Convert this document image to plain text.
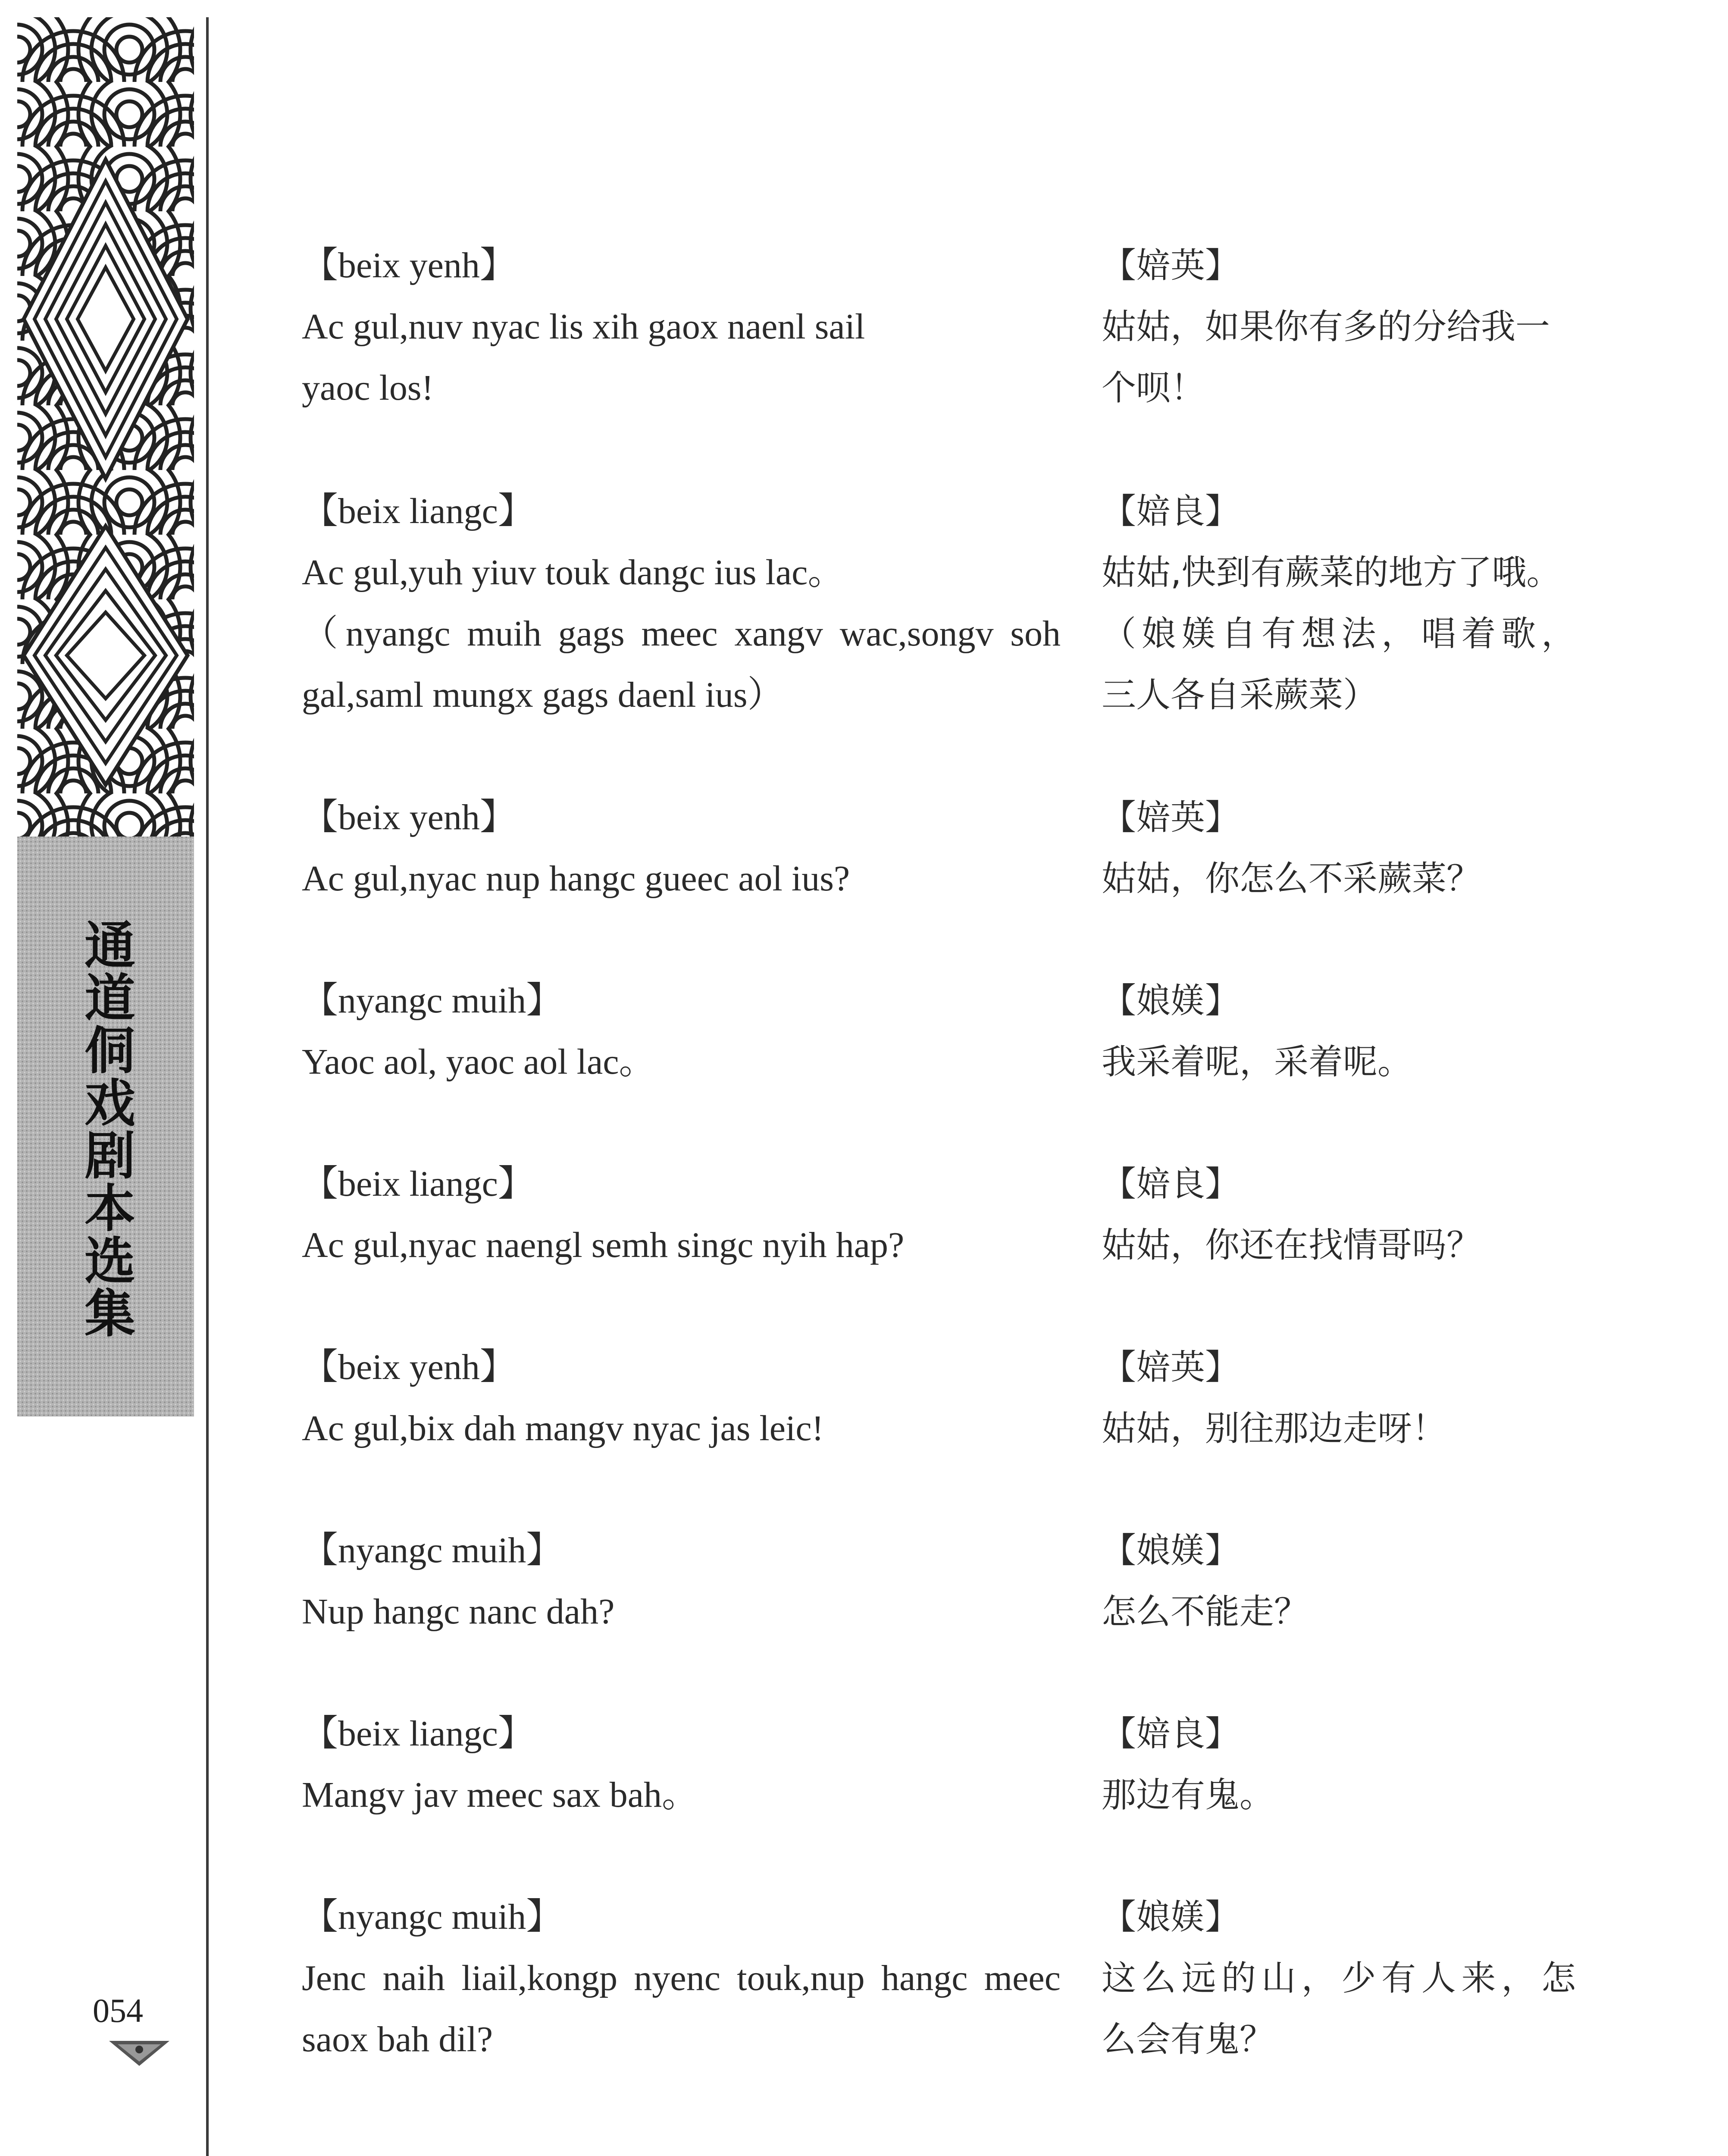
通道侗戏剧本选集
054
【beix yenh】
Ac gul,nuv nyac lis xih gaox naenl sail
yaoc los!
【婄英】
姑姑，如果你有多的分给我一
个呗！
【beix liangc】
Ac gul,yuh yiuv touk dangc ius lac。
（nyangc muih gags meec xangv wac,songv soh
gal,saml mungx gags daenl ius）
【婄良】
姑姑,快到有蕨菜的地方了哦。
（娘媄自有想法，唱着歌，
三人各自采蕨菜）
【beix yenh】
Ac gul,nyac nup hangc gueec aol ius?
【婄英】
姑姑，你怎么不采蕨菜？
【nyangc muih】
Yaoc aol, yaoc aol lac。
【娘媄】
我采着呢，采着呢。
【beix liangc】
Ac gul,nyac naengl semh singc nyih hap?
【婄良】
姑姑，你还在找情哥吗？
【beix yenh】
Ac gul,bix dah mangv nyac jas leic!
【婄英】
姑姑，别往那边走呀！
【nyangc muih】
Nup hangc nanc dah?
【娘媄】
怎么不能走？
【beix liangc】
Mangv jav meec sax bah。
【婄良】
那边有鬼。
【nyangc muih】
Jenc naih liail,kongp nyenc touk,nup hangc meec
saox bah dil?
【娘媄】
这么远的山，少有人来，怎
么会有鬼？
